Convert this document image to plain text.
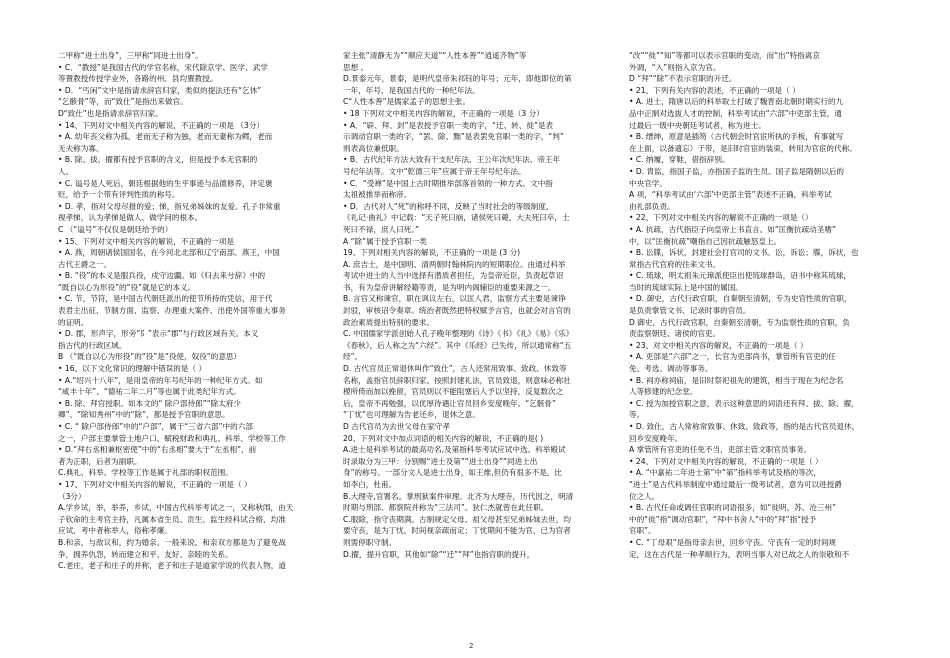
二甲称“进士出身”，三甲称“同进士出身”。
• C．“教授”是我国古代的学官名称，宋代除京学、医学、武学
等置教授传授学业外，各路的州、县均置教授。
• D．“丐闲”文中是指请求辞官归家，类似的提法还有“乞休”
“乞骸骨”等，而“致仕”是指出来做官。
D“致仕”也是指请求辞官归家。
• 14、下列对文中相关内容的解说，不正确的一项是 （3分）
• A. 幼年丧父称为孤，老而无子称为独，老而无妻称为鳏，老而
无夫称为寡。
• B. 除、拔、擢都有授予官职的含义，但是授予本无官职的
人。
• C. 谥号是人死后，朝廷根据他的生平事迹与品德修养，评定褒
贬，给予一个带有评判性质的称号。
• D. 孝，指对父母尽报的爱；悌，指兄弟姊妹的友爱。孔子非常重
视孝悌，认为孝悌是做人、做学问的根本。
C （“谥号”不仅仅是朝廷给予的）
• 15、下列对文中相关内容的解说，不正确的一项是
• A. 燕，周朝诸侯国国名，在今河北北部和辽宁南部。燕王，中国
古代王爵之一。
• B. “役”的本义是服兵役，戍守边疆。如《归去来兮辞》中的
“既自以心为形役”的“役”就是它的本义。
• C. 节，节符，是中国古代朝廷派出的使节所持的凭信，用于代
表君主出征、节制方面、监察、办理重大案件、出使外国等重大事务
的证明。
• D. 郡，形声字，形旁“阝”表示“郡”与行政区域有关。本义
指古代的行政区域。
B （“既自以心为形役”的“役”是“役使，奴役”的意思）
• 16、以下文化常识的理解中错误的是（ ）
• A.“绍兴十八年”，是用皇帝的年号纪年的一种纪年方式。如
“咸丰十年”、“德祐二年二月”等也属于此类纪年方式。
• B. 除、拜官授职。如本文的“ 除户部侍郎”“除太府少
卿”、“除知秀州”中的“除”，都是授予官职的意思。
• C. “ 除户部侍郎”中的“户部”，属于“三省六部”中的六部
之一，户部主要掌管土地户口、赋税财政和典礼、科举、学校等工作
• D.“拜右丞相兼枢密使”中的“右丞相”要大于“左丞相”，前
者为正职，后者为副职。
C.典礼、科举、学校等工作是属于礼部的职权范围。
• 17、下列对文中相关内容的解说，不正确的一项是（ ）
（3分）
A.学乡试，举，举养，乡试，中国古代科举考试之一，又称秋闱，由天
子钦命的主考官主持，凡属本省生员、贡生、监生经科试合格，均准
应试，考中者称举人，俗称孝廉。
B.和亲，与敌议和，约为婚亲。一般来说，和亲双方都是为了避免战
争，拥养仇怨，转而建立和平、友好、亲睦的关系。
C.老庄，老子和庄子的并称，老子和庄子是道家学说的代表人物，道
家主张“清静无为”“顺应天道”“人性本善”“逍遥齐物”等
思想 。
D.景泰元年，景泰，是明代皇帝朱祁钰的年号；元年，即他即位的第
一年，年号，是我国古代的一种纪年法。
C“人性本善”是儒家孟子的思想主张。
• 18 下列对文中相关内容的解说，不正确的一项是（3 分）
• A．“辟、拜、封”是表授予官职一类的字，“迁、转、徙”是表
示调动官职一类的字，“罢、除、黜”是表罢免官职一类的字，“判”
则表高位兼低职。
• B．古代纪年方法大致有干支纪年法、王公年次纪年法、帝王年
号纪年法等。文中“乾德三年”应属于帝王年号纪年法。
• C．“受禅”是中国上古时期推举部落首领的一种方式。文中指
太祖被推举而称帝。
• D．古代对人“死”的称呼不同，反映了当时社会的等级制度，
《礼记·曲礼》中记载：“天子死曰崩，诸侯死曰薨，大夫死曰卒，士
死曰不禄，庶人曰死。”
A “除”属于授予官职一类
19、下列对相关内容的解说，不正确的一项是 (3 分)
A. 庶吉士，是中国明、清两朝时翰林院内的短期职位。由通过科举
考试中进士的人当中选择有潜质者担任，为皇帝近臣，负责起草诏
书，有为皇帝讲解经籍等责，是为明内阁辅臣的重要来源之一。
B. 言官又称谏官，职在讽议左右，以匡人君，监察方式主要是谏诤
封驳，审核诏令奏章。统治者既然把特权赋予言官，也就会对言官的
政治素质提出特别的要求。
C. 中国儒家学派创始人孔子晚年整理的《诗》《书》《礼》《易》《乐》
《春秋》，后人称之为“六经”。其中《乐经》已失传，所以通常称“五
经”。
D. 古代官员正常退休叫作“致仕”，古人还常用致事、致政、休致等
名称，盖指官员辞职归家。按照封建礼法，官员致退，则意味必称社
稷所倚而加以挽留，官员则以不能阻塞后人予以坚持，反复数次之
后，皇帝不再勉强，以优厚待遇让官员回乡安度晚年。“乞骸骨”
“丁忧”也可理解为告老还乡，退休之意。
D 古代官员为去世父母在家守孝
20、下列对文中加点词语的相关内容的解说，不正确的是( )
A.进士是科举考试的最高功名,及第指科举考试应试中选。科举殿试
时录取分为三甲：分别赐“进士及第”“进士出身”“同进士出
身”的称号。一部分文人是进士出身，如王维,但仍有很多不是，比
如李白，杜甫。
B.大理寺,官署名。掌刑狱案件审理。北齐为大理寺，历代因之，明清
时期与刑部、都察院并称为“三法司”。狄仁杰就曾在此任职。
C.服除，指守丧期满。古制规定父母、祖父母甚至兄弟姊妹去世，均
要守丧，是为丁忧，时间视亲疏而定；丁忧期间不能为官，已为官者
则需停职守制。
D.擢，提升官职，其他如“除”“迁”“拜”也指官职的提升，
“改”“徙”“知”等都可以表示官职的变动，而“出”特指离京
外调，“入”则指入京为官。
D “拜”“除”不表示官职的升迁。
• 21、下列有关内容的表述，不正确的一项是（ ）
• A. 进士，隋唐以后的科举取士打破了魏晋南北朝时期实行的九
品中正制对选拔人才的控制，科举考试由“六部”中吏部主管，通
过最后一级中央朝廷考试者，称为进士。
• B. 缙绅，原意是插笏（古代朝会时官宦所执的手板，有事就写
在上面，以备遗忘）于带，是旧时官宦的装束，转用为官宦的代称。
• C. 纳履，穿鞋，借指辞别。
• D. 胄监，指国子监，亦指国子监的生员。国子监是隋朝以后的
中央官学。
A 项，“科举考试由‘六部’中吏部主管”表述不正确，科举考试
由礼部负责。
• 22、下列对文中相关内容的解说不正确的一项是（）
• A. 抗疏，古代指臣子向皇帝上书直言。如“匡衡抗疏动圣嗜”
中，以“匡衡抗疏”嘲指自己因抗疏触怒皇上。
• B. 讼牒，诉状，封建社会打官司的文书。讼，诉讼；牒，诉状，也
常指古代官府的往来文书。
• C. 琉球，明太祖朱元璋派使臣出使琉球群岛，诏书中称其琉球，
当时的琉球实际上是中国的属国。
• D. 御史，古代行政官职，自秦朝至清朝，专为史官性质的官职，
是负责掌管文书、记录时事的官员。
D 御史，古代行政官职，自秦朝至清朝，专为监察性质的官职，负
责监察朝廷、诸侯的官吏。
• 23、对文中相关内容的解说，不正确的一项是（ ）
• A. 吏部是“六部”之一，长官为吏部尚书，掌管所有官吏的任
免、考选、调动等事务。
• B. 祠亦称祠庙，是旧时祭祀祖先的建筑，相当于现在为纪念名
人等修建的纪念堂。
• C. 授为加授官职之意，表示这种意思的词语还有拜、拔、除、擢，
等。
• D. 致仕，古人常称常致事、休致、致政等，指的是古代官员退休，
回乡安度晚年。
A 掌管所有官吏的任免不当，吏部主管文职官员事务。
• 24、下列对文中相关内容的解说，不正确的一项是（ ）
• A. “中嘉祐二年进士第”中“第”指科举考试及格的等次，
“进士”是古代科举制度中通过最后一级考试者，意为可以进授爵
位之人。
• B. 古代任命或调任官职的词语很多，如“徙明、苏、沧三州”
中的“徙”指“调动官职”，“拜中书舍人”中的“拜”指“授予
官职”。
• C. “丁母艰”是指母亲去世，回乡守丧。守丧有一定的时间规
定，这在古代是一种孝顺行为，表明当事人对已故之人的崇敬和不
2
